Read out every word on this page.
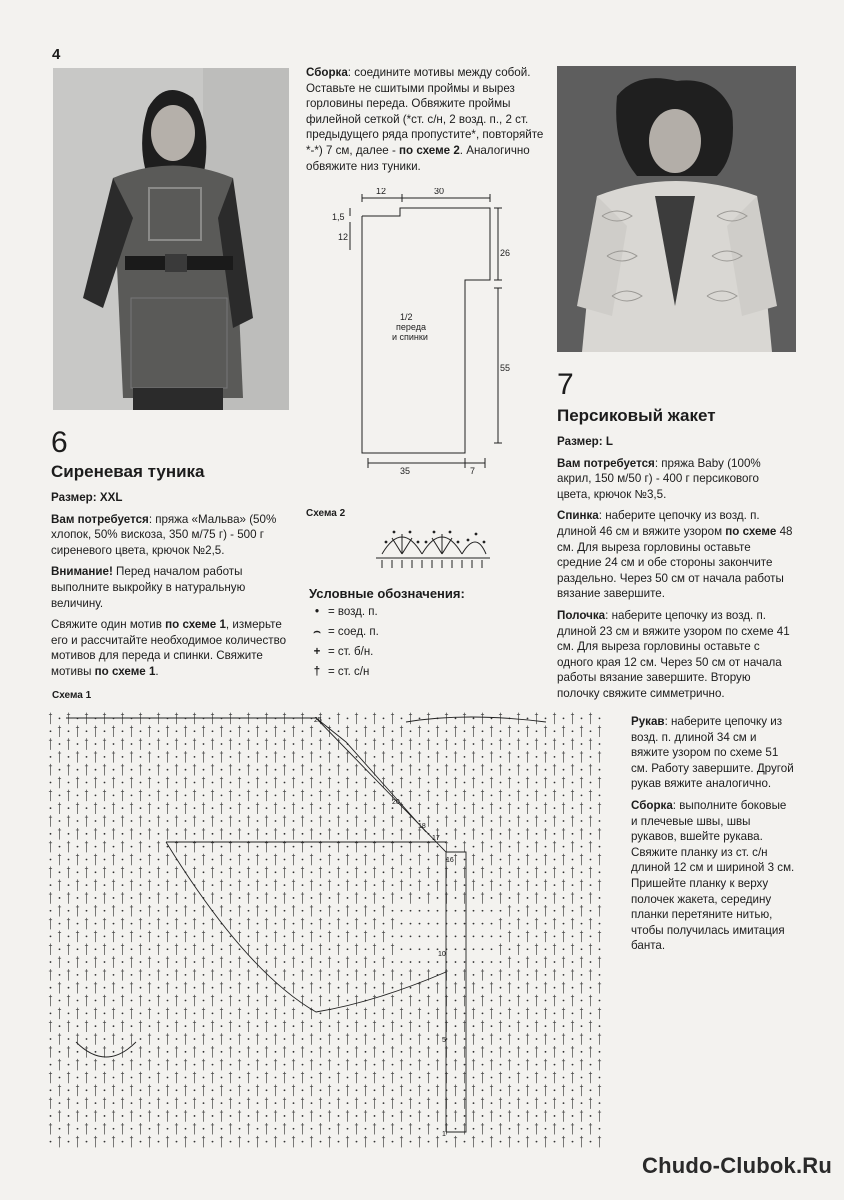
4
6
Сиреневая туника

Размер: XXL

Вам потребуется: пряжа «Мальва» (50% хлопок, 50% вискоза, 350 м/75 г) - 500 г сиреневого цвета, крючок №2,5.

Внимание! Перед началом работы выполните выкройку в натуральную величину.

Свяжите один мотив по схеме 1, измерьте его и рассчитайте необходимое количество мотивов для переда и спинки. Свяжите мотивы по схеме 1.

Сборка: соедините мотивы между собой. Оставьте не сшитыми проймы и вырез горловины переда. Обвяжите проймы филейной сеткой (*ст. с/н, 2 возд. п., 2 ст. предыдущего ряда пропустите*, повторяйте *-*) 7 см, далее - по схеме 2. Аналогично обвяжите низ туники.
12	30
1,5
12
26
55
35	7
1/2
переда
и спинки
Схема 2
Условные обозначения:
• = возд. п.
⌢ = соед. п.
+ = ст. б/н.
† = ст. с/н
7
Персиковый жакет

Размер: L

Вам потребуется: пряжа Baby (100% акрил, 150 м/50 г) - 400 г персикового цвета, крючок №3,5.

Спинка: наберите цепочку из возд. п. длиной 46 см и вяжите узором по схеме 48 см. Для выреза горловины оставьте средние 24 см и обе стороны закончите раздельно. Через 50 см от начала работы вязание завершите.

Полочка: наберите цепочку из возд. п. длиной 23 см и вяжите узором по схеме 41 см. Для выреза горловины оставьте с одного края 12 см. Через 50 см от начала работы вязание завершите. Вторую полочку свяжите симметрично.

Рукав: наберите цепочку из возд. п. длиной 34 см и вяжите узором по схеме 51 см. Работу завершите. Другой рукав вяжите аналогично.

Сборка: выполните боковые и плечевые швы, швы рукавов, вшейте рукава. Свяжите планку из ст. с/н длиной 12 см и шириной 3 см. Пришейте планку к верху полочек жакета, середину планки перетяните нитью, чтобы получилась имитация банта.

Схема 1
25
20
18
17
16
10
5
1
Chudo-Clubok.Ru
